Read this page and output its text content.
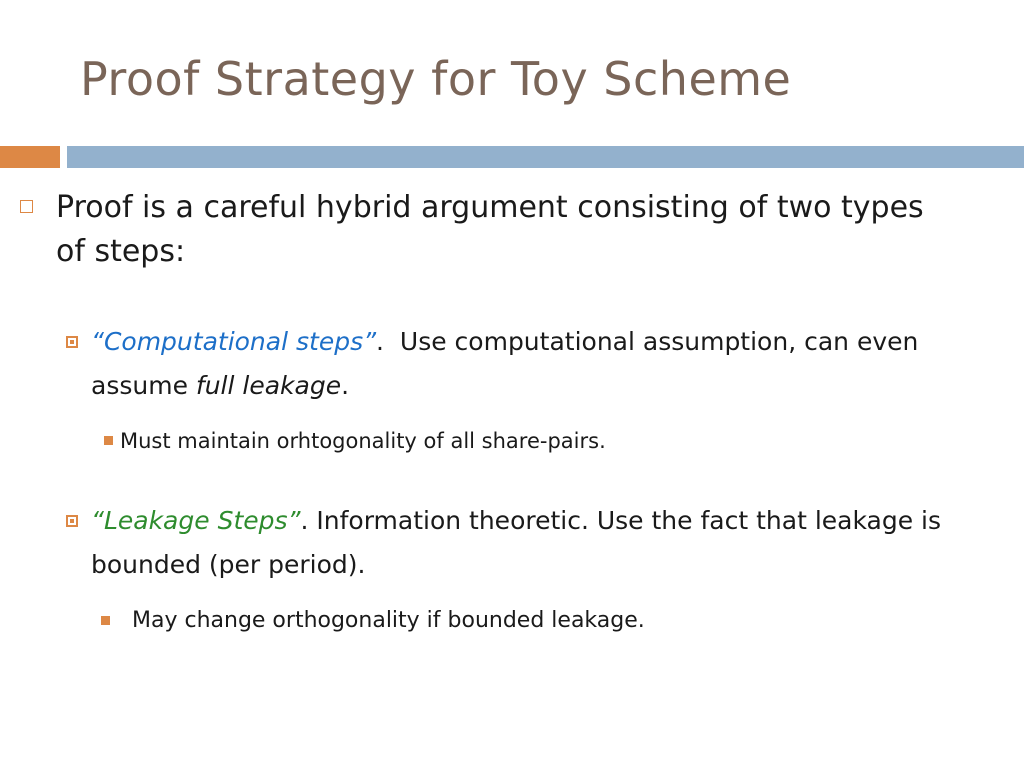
Proof Strategy for Toy Scheme
Proof is a careful hybrid argument consisting of two types of steps:
“Computational steps”.  Use computational assumption, can even assume full leakage.
Must maintain orhtogonality of all share-pairs.
“Leakage Steps”. Information theoretic. Use the fact that leakage is bounded (per period).
May change orthogonality if bounded leakage.
